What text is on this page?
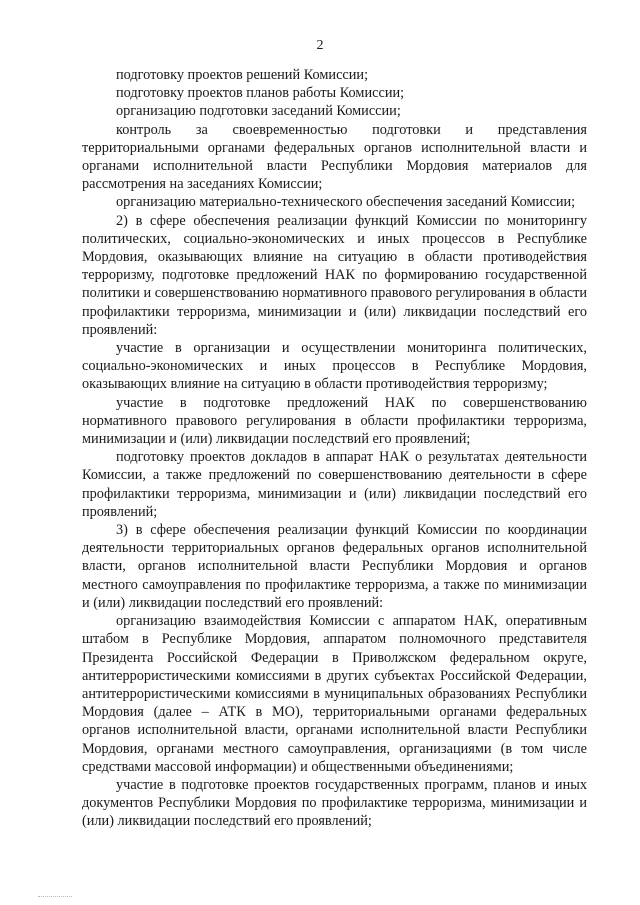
2

подготовку проектов решений Комиссии;

подготовку проектов планов работы Комиссии;

организацию подготовки заседаний Комиссии;

контроль за своевременностью подготовки и представления территориальными органами федеральных органов исполнительной власти и органами исполнительной власти Республики Мордовия материалов для рассмотрения на заседаниях Комиссии;

организацию материально-технического обеспечения заседаний Комиссии;

2) в сфере обеспечения реализации функций Комиссии по мониторингу политических, социально-экономических и иных процессов в Республике Мордовия, оказывающих влияние на ситуацию в области противодействия терроризму, подготовке предложений НАК по формированию государственной политики и совершенствованию нормативного правового регулирования в области профилактики терроризма, минимизации и (или) ликвидации последствий его проявлений:

участие в организации и осуществлении мониторинга политических, социально-экономических и иных процессов в Республике Мордовия, оказывающих влияние на ситуацию в области противодействия терроризму;

участие в подготовке предложений НАК по совершенствованию нормативного правового регулирования в области профилактики терроризма, минимизации и (или) ликвидации последствий его проявлений;

подготовку проектов докладов в аппарат НАК о результатах деятельности Комиссии, а также предложений по совершенствованию деятельности в сфере профилактики терроризма, минимизации и (или) ликвидации последствий его проявлений;

3) в сфере обеспечения реализации функций Комиссии по координации деятельности территориальных органов федеральных органов исполнительной власти, органов исполнительной власти Республики Мордовия и органов местного самоуправления по профилактике терроризма, а также по минимизации и (или) ликвидации последствий его проявлений:

организацию взаимодействия Комиссии с аппаратом НАК, оперативным штабом в Республике Мордовия, аппаратом полномочного представителя Президента Российской Федерации в Приволжском федеральном округе, антитеррористическими комиссиями в других субъектах Российской Федерации, антитеррористическими комиссиями в муниципальных образованиях Республики Мордовия (далее – АТК в МО), территориальными органами федеральных органов исполнительной власти, органами исполнительной власти Республики Мордовия, органами местного самоуправления, организациями (в том числе средствами массовой информации) и общественными объединениями;

участие в подготовке проектов государственных программ, планов и иных документов Республики Мордовия по профилактике терроризма, минимизации и (или) ликвидации последствий его проявлений;
